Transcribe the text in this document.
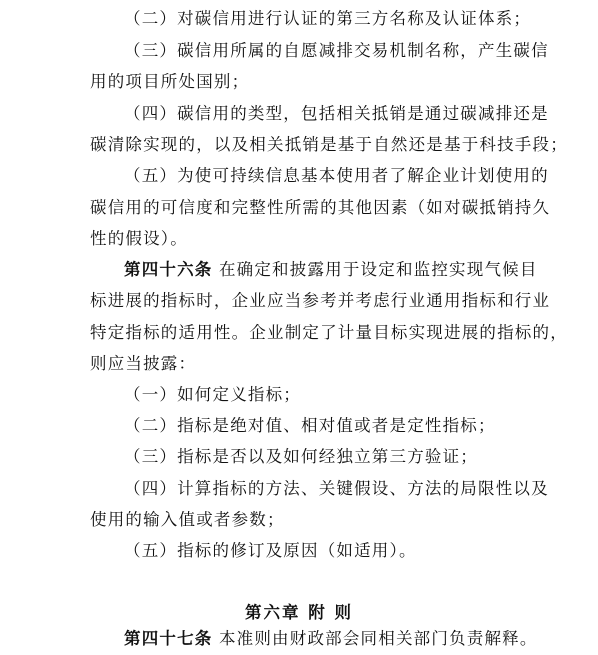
（二）对碳信用进行认证的第三方名称及认证体系；
（三）碳信用所属的自愿减排交易机制名称，产生碳信
用的项目所处国别；
（四）碳信用的类型，包括相关抵销是通过碳减排还是
碳清除实现的，以及相关抵销是基于自然还是基于科技手段；
（五）为使可持续信息基本使用者了解企业计划使用的
碳信用的可信度和完整性所需的其他因素（如对碳抵销持久
性的假设）。
第四十六条 在确定和披露用于设定和监控实现气候目
标进展的指标时，企业应当参考并考虑行业通用指标和行业
特定指标的适用性。企业制定了计量目标实现进展的指标的，
则应当披露：
（一）如何定义指标；
（二）指标是绝对值、相对值或者是定性指标；
（三）指标是否以及如何经独立第三方验证；
（四）计算指标的方法、关键假设、方法的局限性以及
使用的输入值或者参数；
（五）指标的修订及原因（如适用）。
第六章 附 则
第四十七条 本准则由财政部会同相关部门负责解释。
